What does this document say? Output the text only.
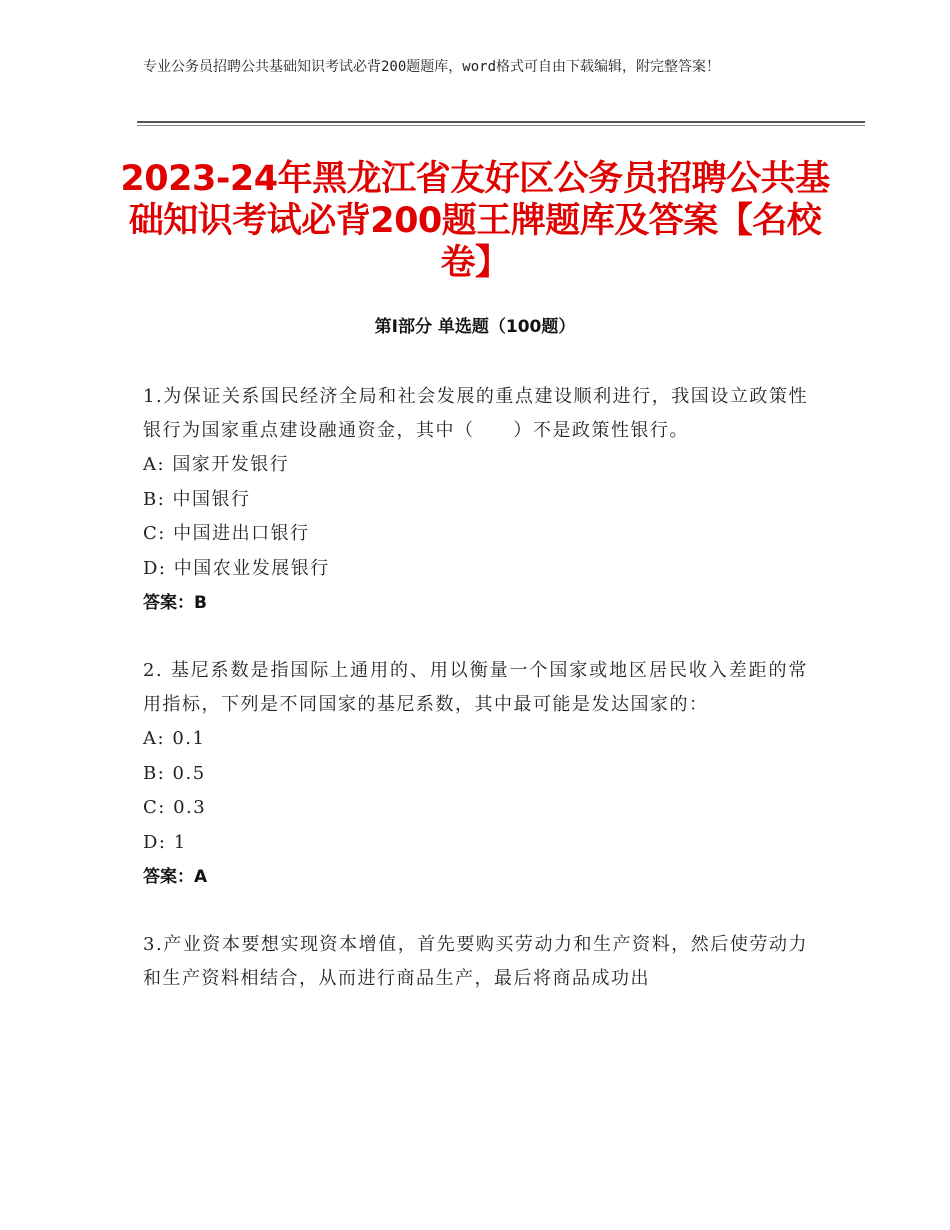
专业公务员招聘公共基础知识考试必背200题题库，word格式可自由下载编辑，附完整答案！
2023-24年黑龙江省友好区公务员招聘公共基础知识考试必背200题王牌题库及答案【名校卷】
第Ⅰ部分 单选题（100题）

1.为保证关系国民经济全局和社会发展的重点建设顺利进行，我国设立政策性银行为国家重点建设融通资金，其中（　　）不是政策性银行。

A: 国家开发银行

B: 中国银行

C: 中国进出口银行

D: 中国农业发展银行

答案：B

2. 基尼系数是指国际上通用的、用以衡量一个国家或地区居民收入差距的常用指标，下列是不同国家的基尼系数，其中最可能是发达国家的：

A: 0.1

B: 0.5

C: 0.3

D: 1

答案：A

3.产业资本要想实现资本增值，首先要购买劳动力和生产资料，然后使劳动力和生产资料相结合，从而进行商品生产，最后将商品成功出
